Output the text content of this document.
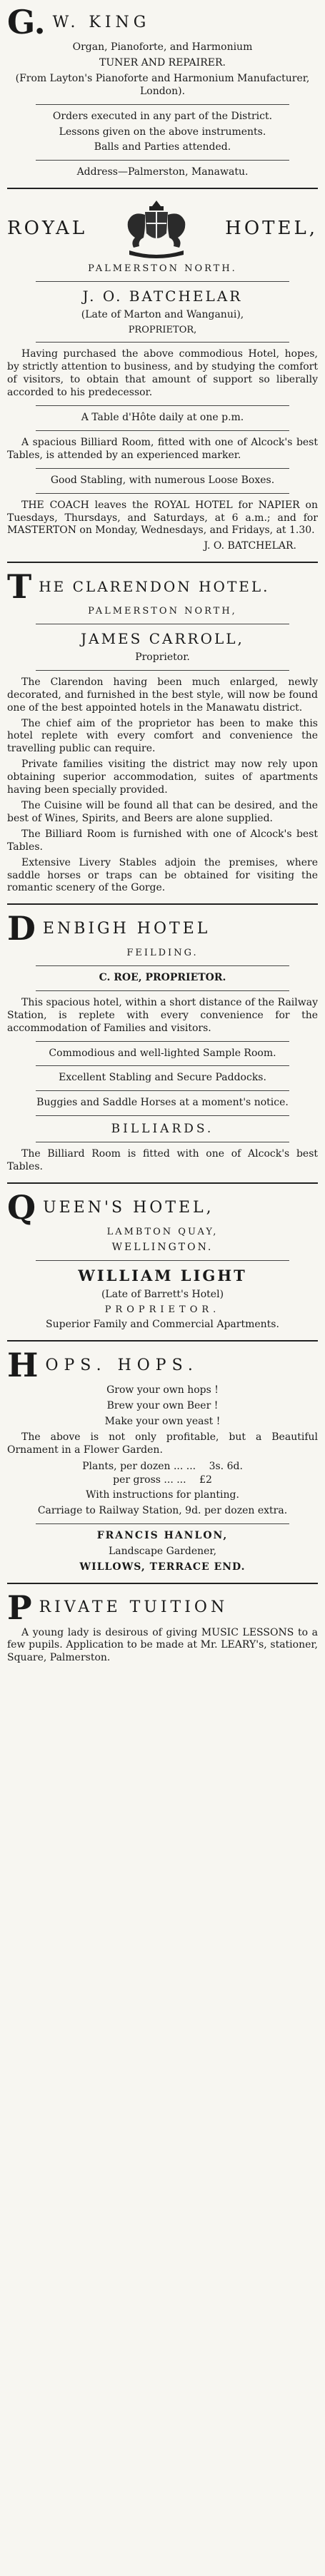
G. W. KING

Organ, Pianoforte, and Harmonium

TUNER AND REPAIRER.

(From Layton's Pianoforte and Harmonium Manufacturer, London).

Orders executed in any part of the District.

Lessons given on the above instruments.

Balls and Parties attended.

Address—Palmerston, Manawatu.

ROYAL	HOTEL,

PALMERSTON NORTH.

J. O. BATCHELAR

(Late of Marton and Wanganui),

PROPRIETOR,

Having purchased the above commodious Hotel, hopes, by strictly attention to business, and by studying the comfort of visitors, to obtain that amount of support so liberally accorded to his predecessor.

A Table d'Hôte daily at one p.m.

A spacious Billiard Room, fitted with one of Alcock's best Tables, is attended by an experienced marker.

Good Stabling, with numerous Loose Boxes.

THE COACH leaves the ROYAL HOTEL for NAPIER on Tuesdays, Thursdays, and Saturdays, at 6 a.m.; and for MASTERTON on Monday, Wednesdays, and Fridays, at 1.30.

J. O. BATCHELAR.

T HE CLARENDON HOTEL.

PALMERSTON NORTH,

JAMES CARROLL,

Proprietor.

The Clarendon having been much enlarged, newly decorated, and furnished in the best style, will now be found one of the best appointed hotels in the Manawatu district.

The chief aim of the proprietor has been to make this hotel replete with every comfort and convenience the travelling public can require.

Private families visiting the district may now rely upon obtaining superior accommodation, suites of apartments having been specially provided.

The Cuisine will be found all that can be desired, and the best of Wines, Spirits, and Beers are alone supplied.

The Billiard Room is furnished with one of Alcock's best Tables.

Extensive Livery Stables adjoin the premises, where saddle horses or traps can be obtained for visiting the romantic scenery of the Gorge.

D ENBIGH HOTEL

FEILDING.

C. ROE, PROPRIETOR.

This spacious hotel, within a short distance of the Railway Station, is replete with every convenience for the accommodation of Families and visitors.

Commodious and well-lighted Sample Room.

Excellent Stabling and Secure Paddocks.

Buggies and Saddle Horses at a moment's notice.

BILLIARDS.

The Billiard Room is fitted with one of Alcock's best Tables.

Q UEEN'S HOTEL,

LAMBTON QUAY,

WELLINGTON.

WILLIAM LIGHT

(Late of Barrett's Hotel)

PROPRIETOR.

Superior Family and Commercial Apartments.

H OPS. HOPS.

Grow your own hops !

Brew your own Beer !

Make your own yeast !

The above is not only profitable, but a Beautiful Ornament in a Flower Garden.

Plants, per dozen ... ... 3s. 6d.
per gross ... ... £2

With instructions for planting.

Carriage to Railway Station, 9d. per dozen extra.

FRANCIS HANLON,

Landscape Gardener,

WILLOWS, TERRACE END.

P RIVATE TUITION

A young lady is desirous of giving MUSIC LESSONS to a few pupils. Application to be made at Mr. LEARY's, stationer, Square, Palmerston.
